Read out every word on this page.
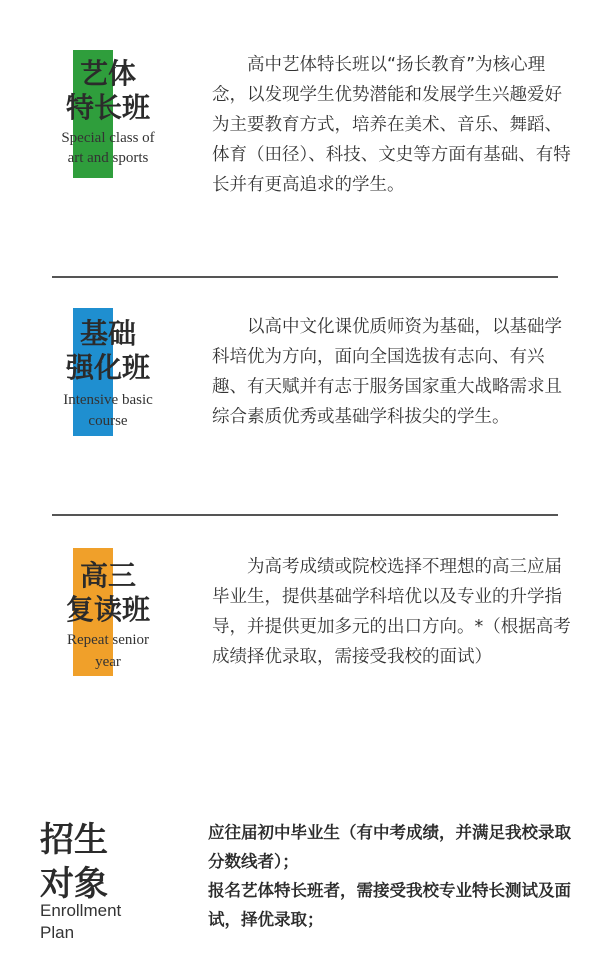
艺体
特长班
Special class of
art and sports

高中艺体特长班以“扬长教育”为核心理念，以发现学生优势潜能和发展学生兴趣爱好为主要教育方式，培养在美术、音乐、舞蹈、体育（田径）、科技、文史等方面有基础、有特长并有更高追求的学生。

基础
强化班
Intensive basic
course

以高中文化课优质师资为基础，以基础学科培优为方向，面向全国选拔有志向、有兴趣、有天赋并有志于服务国家重大战略需求且综合素质优秀或基础学科拔尖的学生。

高三
复读班
Repeat senior
year

为高考成绩或院校选择不理想的高三应届毕业生，提供基础学科培优以及专业的升学指导，并提供更加多元的出口方向。*（根据高考成绩择优录取，需接受我校的面试）

招生
对象
Enrollment
Plan

应往届初中毕业生（有中考成绩，并满足我校录取分数线者）；

报名艺体特长班者，需接受我校专业特长测试及面试，择优录取；
